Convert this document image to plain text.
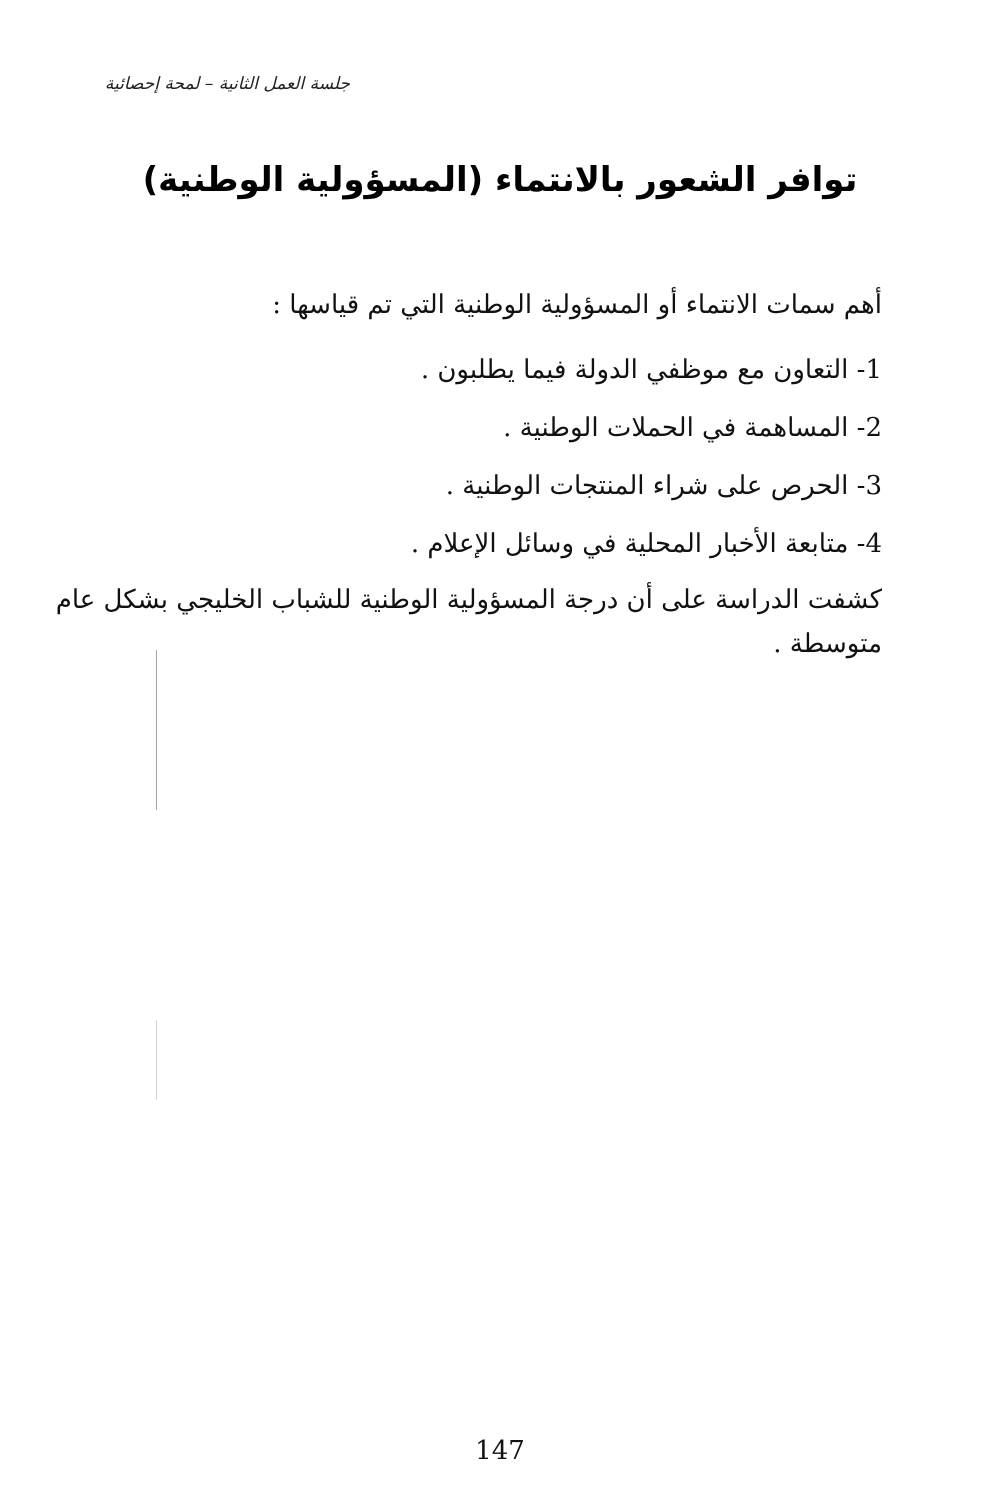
جلسة العمل الثانية – لمحة إحصائية
توافر الشعور بالانتماء (المسؤولية الوطنية)
أهم سمات الانتماء أو المسؤولية الوطنية التي تم قياسها :
1- التعاون مع موظفي الدولة فيما يطلبون .
2- المساهمة في الحملات الوطنية .
3- الحرص على شراء المنتجات الوطنية .
4- متابعة الأخبار المحلية في وسائل الإعلام .
كشفت الدراسة على أن درجة المسؤولية الوطنية للشباب الخليجي بشكل عام
متوسطة .
147
